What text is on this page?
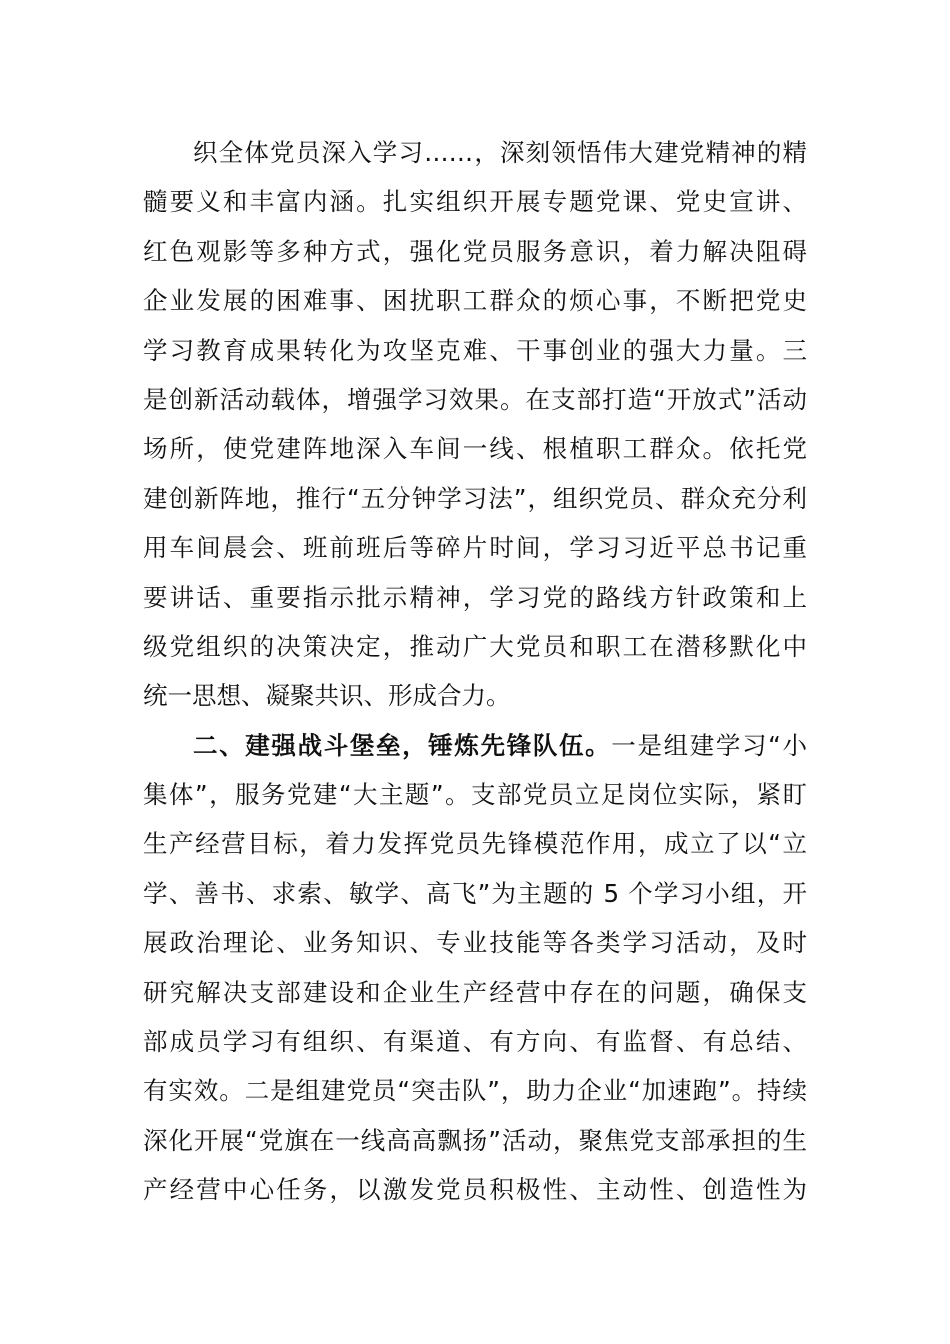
织全体党员深入学习……，深刻领悟伟大建党精神的精
髓要义和丰富内涵。扎实组织开展专题党课、党史宣讲、
红色观影等多种方式，强化党员服务意识，着力解决阻碍
企业发展的困难事、困扰职工群众的烦心事，不断把党史
学习教育成果转化为攻坚克难、干事创业的强大力量。三
是创新活动载体，增强学习效果。在支部打造“开放式”活动
场所，使党建阵地深入车间一线、根植职工群众。依托党
建创新阵地，推行“五分钟学习法”，组织党员、群众充分利
用车间晨会、班前班后等碎片时间，学习习近平总书记重
要讲话、重要指示批示精神，学习党的路线方针政策和上
级党组织的决策决定，推动广大党员和职工在潜移默化中
统一思想、凝聚共识、形成合力。
二、建强战斗堡垒，锤炼先锋队伍。一是组建学习“小
集体”，服务党建“大主题”。支部党员立足岗位实际，紧盯
生产经营目标，着力发挥党员先锋模范作用，成立了以“立
学、善书、求索、敏学、高飞”为主题的 5 个学习小组，开
展政治理论、业务知识、专业技能等各类学习活动，及时
研究解决支部建设和企业生产经营中存在的问题，确保支
部成员学习有组织、有渠道、有方向、有监督、有总结、
有实效。二是组建党员“突击队”，助力企业“加速跑”。持续
深化开展“党旗在一线高高飘扬”活动，聚焦党支部承担的生
产经营中心任务，以激发党员积极性、主动性、创造性为
